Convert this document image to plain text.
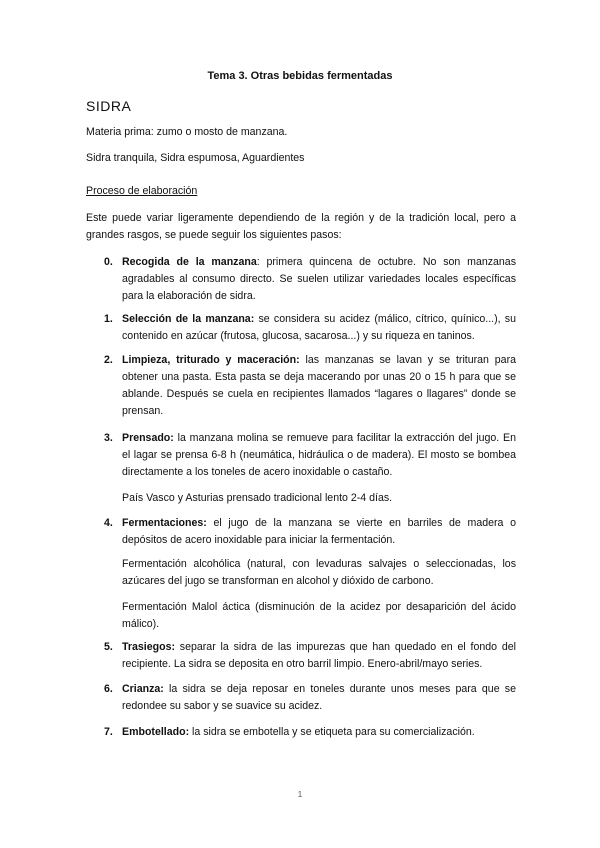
Tema 3. Otras bebidas fermentadas
SIDRA
Materia prima: zumo o mosto de manzana.
Sidra tranquila, Sidra espumosa, Aguardientes
Proceso de elaboración
Este puede variar ligeramente dependiendo de la región y de la tradición local, pero a grandes rasgos, se puede seguir los siguientes pasos:
0. Recogida de la manzana: primera quincena de octubre. No son manzanas agradables al consumo directo. Se suelen utilizar variedades locales específicas para la elaboración de sidra.
1. Selección de la manzana: se considera su acidez (málico, cítrico, quínico...), su contenido en azúcar (frutosa, glucosa, sacarosa...) y su riqueza en taninos.
2. Limpieza, triturado y maceración: las manzanas se lavan y se trituran para obtener una pasta. Esta pasta se deja macerando por unas 20 o 15 h para que se ablande. Después se cuela en recipientes llamados “lagares o llagares” donde se prensan.
3. Prensado: la manzana molina se remueve para facilitar la extracción del jugo. En el lagar se prensa 6-8 h (neumática, hidráulica o de madera). El mosto se bombea directamente a los toneles de acero inoxidable o castaño.
4. Fermentaciones: el jugo de la manzana se vierte en barriles de madera o depósitos de acero inoxidable para iniciar la fermentación.
5. Trasiegos: separar la sidra de las impurezas que han quedado en el fondo del recipiente. La sidra se deposita en otro barril limpio. Enero-abril/mayo series.
6. Crianza: la sidra se deja reposar en toneles durante unos meses para que se redondee su sabor y se suavice su acidez.
7. Embotellado: la sidra se embotella y se etiqueta para su comercialización.
País Vasco y Asturias prensado tradicional lento 2-4 días.
Fermentación alcohólica (natural, con levaduras salvajes o seleccionadas, los azúcares del jugo se transforman en alcohol y dióxido de carbono.
Fermentación Malol áctica (disminución de la acidez por desaparición del ácido málico).
1
